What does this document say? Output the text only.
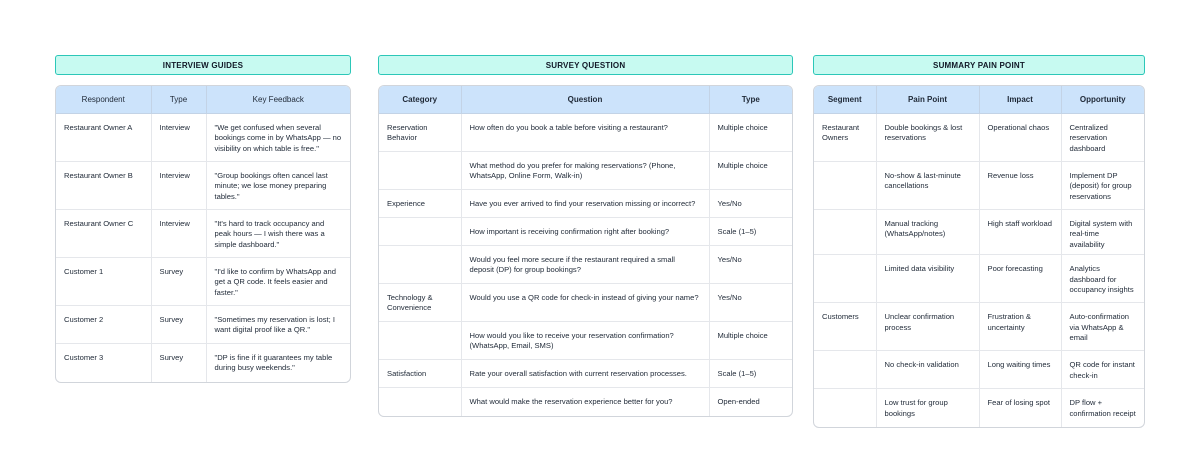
INTERVIEW GUIDES
Respondent	Type	Key Feedback
Restaurant Owner A	Interview	"We get confused when several bookings come in by WhatsApp — no visibility on which table is free."
Restaurant Owner B	Interview	"Group bookings often cancel last minute; we lose money preparing tables."
Restaurant Owner C	Interview	"It's hard to track occupancy and peak hours — I wish there was a simple dashboard."
Customer 1	Survey	"I'd like to confirm by WhatsApp and get a QR code. It feels easier and faster."
Customer 2	Survey	"Sometimes my reservation is lost; I want digital proof like a QR."
Customer 3	Survey	"DP is fine if it guarantees my table during busy weekends."
SURVEY QUESTION
Category	Question	Type
Reservation Behavior	How often do you book a table before visiting a restaurant?	Multiple choice
	What method do you prefer for making reservations? (Phone, WhatsApp, Online Form, Walk-in)	Multiple choice
Experience	Have you ever arrived to find your reservation missing or incorrect?	Yes/No
	How important is receiving confirmation right after booking?	Scale (1–5)
	Would you feel more secure if the restaurant required a small deposit (DP) for group bookings?	Yes/No
Technology & Convenience	Would you use a QR code for check-in instead of giving your name?	Yes/No
	How would you like to receive your reservation confirmation? (WhatsApp, Email, SMS)	Multiple choice
Satisfaction	Rate your overall satisfaction with current reservation processes.	Scale (1–5)
	What would make the reservation experience better for you?	Open-ended
SUMMARY PAIN POINT
Segment	Pain Point	Impact	Opportunity
Restaurant Owners	Double bookings & lost reservations	Operational chaos	Centralized reservation dashboard
	No-show & last-minute cancellations	Revenue loss	Implement DP (deposit) for group reservations
	Manual tracking (WhatsApp/notes)	High staff workload	Digital system with real-time availability
	Limited data visibility	Poor forecasting	Analytics dashboard for occupancy insights
Customers	Unclear confirmation process	Frustration & uncertainty	Auto-confirmation via WhatsApp & email
	No check-in validation	Long waiting times	QR code for instant check-in
	Low trust for group bookings	Fear of losing spot	DP flow + confirmation receipt
